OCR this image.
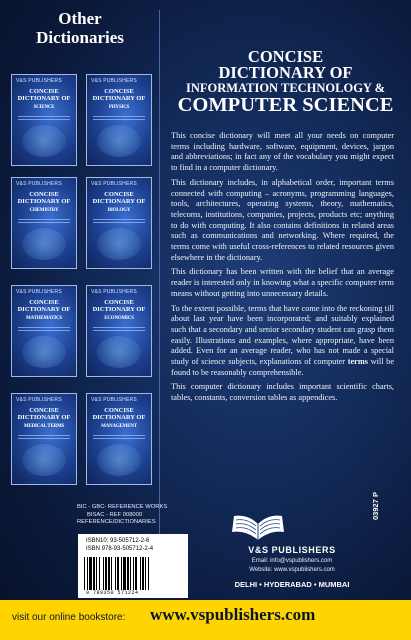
Other
Dictionaries
V&S PUBLISHERS
CONCISE
DICTIONARY OF
SCIENCE
V&S PUBLISHERS
CONCISE
DICTIONARY OF
PHYSICS
V&S PUBLISHERS
CONCISE
DICTIONARY OF
CHEMISTRY
V&S PUBLISHERS
CONCISE
DICTIONARY OF
BIOLOGY
V&S PUBLISHERS
CONCISE
DICTIONARY OF
MATHEMATICS
V&S PUBLISHERS
CONCISE
DICTIONARY OF
ECONOMICS
V&S PUBLISHERS
CONCISE
DICTIONARY OF
MEDICAL TERMS
V&S PUBLISHERS
CONCISE
DICTIONARY OF
MANAGEMENT
CONCISE
DICTIONARY OF
INFORMATION TECHNOLOGY &
COMPUTER SCIENCE

This concise dictionary will meet all your needs on computer terms including hardware, software, equipment, devices, jargon and abbreviations; in fact any of the vocabulary you might expect to find in a computer dictionary.

This dictionary includes, in alphabetical order, important terms connected with computing – acronyms, programming languages, tools, architectures, operating systems, theory, mathematics, telecoms, institutions, companies, projects, products etc; anything to do with computing. It also contains definitions in related areas such as communications and networking. Where required, the terms come with useful cross-references to related resources given elsewhere in the dictionary.

This dictionary has been written with the belief that an average reader is interested only in knowing what a specific computer term means without getting into unnecessary details.

To the extent possible, terms that have come into the reckoning till about last year have been incorporated; and suitably explained such that a secondary and senior secondary student can grasp them easily. Illustrations and examples, where appropriate, have been added. Even for an average reader, who has not made a special study of science subjects, explanations of computer terms will be found to be reasonably comprehensible.

This computer dictionary includes important scientific charts, tables, constants, conversion tables as appendices.

BIC - GBC- REFERENCE WORKS
BISAC - REF 008000
REFERENCE/DICTIONARIES
ISBN10: 93-505712-2-6
ISBN 978-93-505712-2-4
9 789350 571224
03927 P
V&S PUBLISHERS
Email: info@vspublishers.com
Website: www.vspublishers.com
DELHI • HYDERABAD • MUMBAI
visit our online bookstore: www.vspublishers.com
